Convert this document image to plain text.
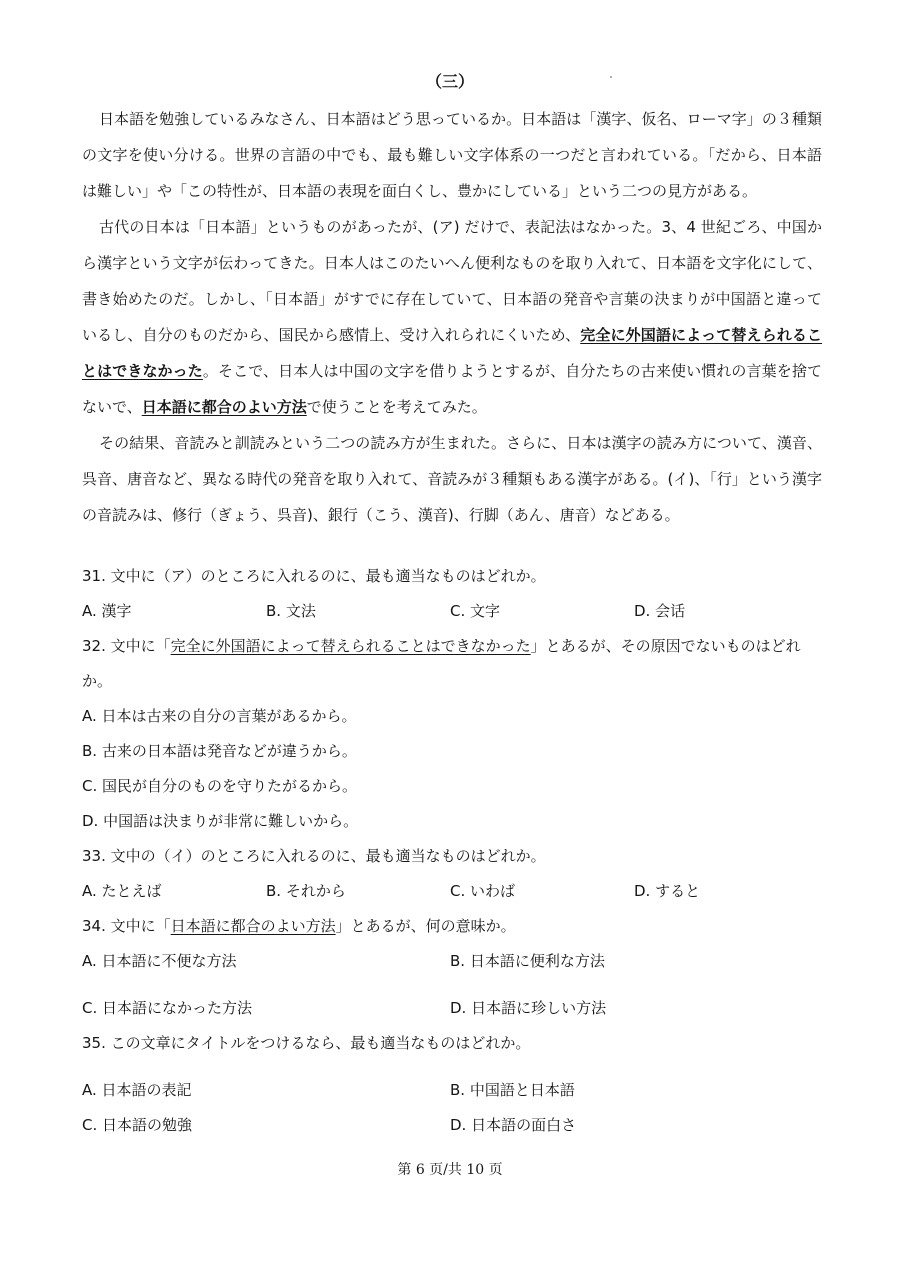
（三）

日本語を勉強しているみなさん、日本語はどう思っているか。日本語は「漢字、仮名、ローマ字」の３種類の文字を使い分ける。世界の言語の中でも、最も難しい文字体系の一つだと言われている。「だから、日本語は難しい」や「この特性が、日本語の表現を面白くし、豊かにしている」という二つの見方がある。

古代の日本は「日本語」というものがあったが、(ア) だけで、表記法はなかった。3、4 世紀ごろ、中国から漢字という文字が伝わってきた。日本人はこのたいへん便利なものを取り入れて、日本語を文字化にして、書き始めたのだ。しかし、「日本語」がすでに存在していて、日本語の発音や言葉の決まりが中国語と違っているし、自分のものだから、国民から感情上、受け入れられにくいため、完全に外国語によって替えられることはできなかった。そこで、日本人は中国の文字を借りようとするが、自分たちの古来使い慣れの言葉を捨てないで、日本語に都合のよい方法で使うことを考えてみた。

その結果、音読みと訓読みという二つの読み方が生まれた。さらに、日本は漢字の読み方について、漢音、呉音、唐音など、異なる時代の発音を取り入れて、音読みが３種類もある漢字がある。(イ)、「行」という漢字の音読みは、修行（ぎょう、呉音)、銀行（こう、漢音)、行脚（あん、唐音）などある。

31. 文中に（ア）のところに入れるのに、最も適当なものはどれか。

A. 漢字	B. 文法	C. 文字	D. 会话

32. 文中に「完全に外国語によって替えられることはできなかった」とあるが、その原因でないものはどれか。

A. 日本は古来の自分の言葉があるから。
B. 古来の日本語は発音などが違うから。
C. 国民が自分のものを守りたがるから。
D. 中国語は決まりが非常に難しいから。

33. 文中の（イ）のところに入れるのに、最も適当なものはどれか。

A. たとえば	B. それから	C. いわば	D. すると

34. 文中に「日本語に都合のよい方法」とあるが、何の意味か。

A. 日本語に不便な方法	B. 日本語に便利な方法
C. 日本語になかった方法	D. 日本語に珍しい方法

35. この文章にタイトルをつけるなら、最も適当なものはどれか。

A. 日本語の表記	B. 中国語と日本語
C. 日本語の勉強	D. 日本語の面白さ
第 6 页/共 10 页
